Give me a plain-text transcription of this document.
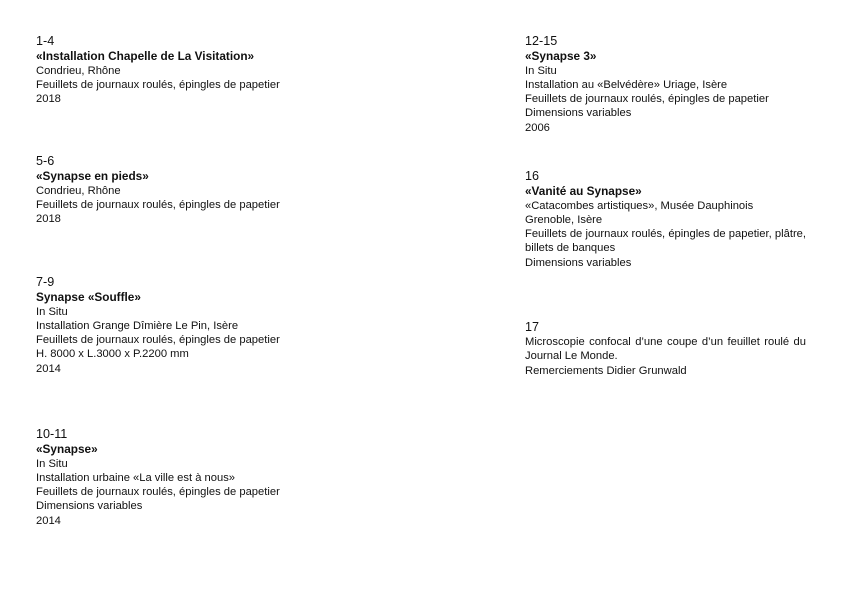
1-4
«Installation Chapelle de La Visitation»
Condrieu, Rhône
Feuillets de journaux roulés, épingles de papetier
2018
5-6
«Synapse en pieds»
Condrieu, Rhône
Feuillets de journaux roulés, épingles de papetier
2018
7-9
Synapse «Souffle»
In Situ
Installation Grange Dîmière Le Pin, Isère
Feuillets de journaux roulés, épingles de papetier
H. 8000 x L.3000 x P.2200 mm
2014
10-11
«Synapse»
In Situ
Installation urbaine «La ville est à nous»
Feuillets de journaux roulés, épingles de papetier
Dimensions variables
2014
12-15
«Synapse 3»
In Situ
Installation au «Belvédère» Uriage, Isère
Feuillets de journaux roulés, épingles de papetier
Dimensions variables
2006
16
«Vanité au Synapse»
«Catacombes artistiques», Musée Dauphinois
Grenoble, Isère
Feuillets de journaux roulés, épingles de papetier, plâtre, billets de banques
Dimensions variables
17
Microscopie confocal d’une coupe d’un feuillet roulé du Journal Le Monde.
Remerciements Didier Grunwald
